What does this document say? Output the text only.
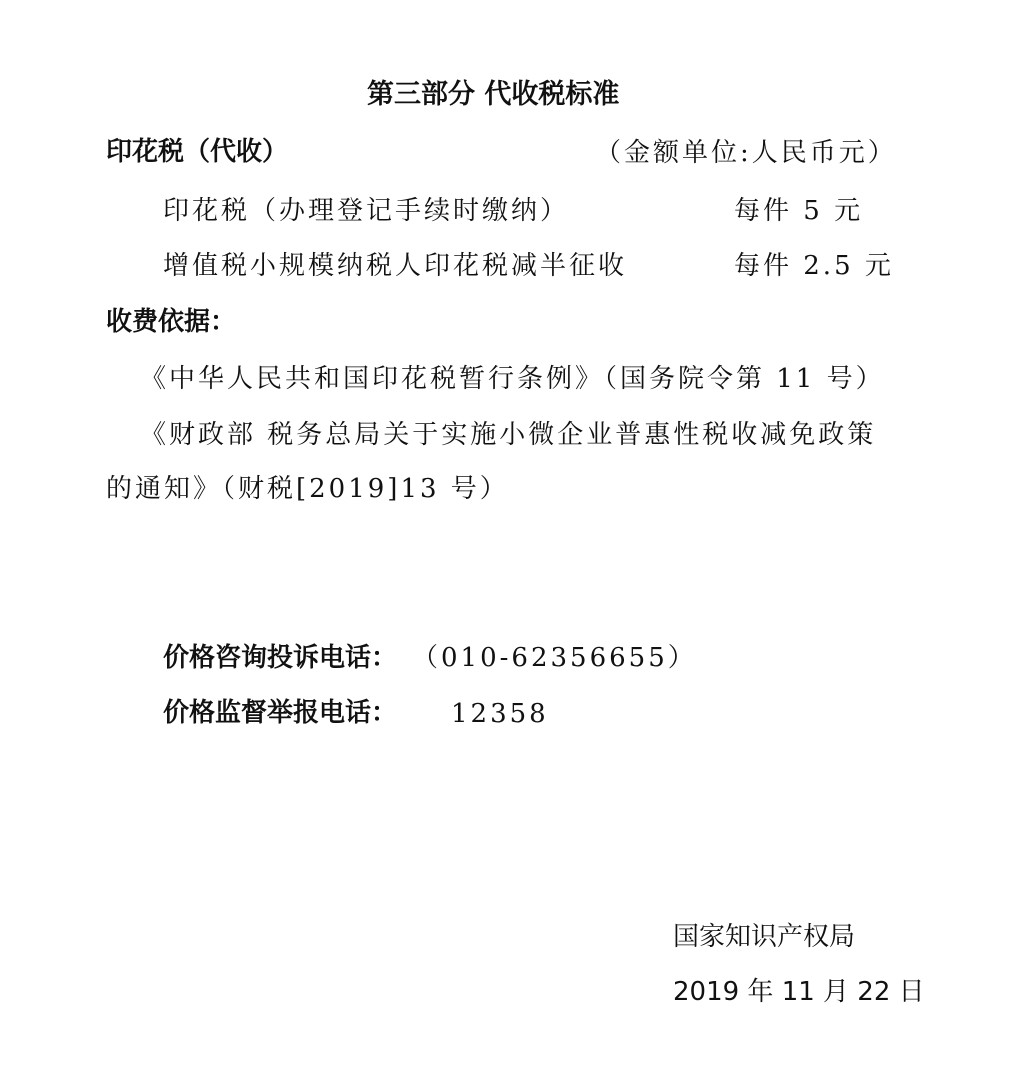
第三部分 代收税标准
印花税（代收）	（金额单位:人民币元）
印花税（办理登记手续时缴纳）	每件 5 元
增值税小规模纳税人印花税减半征收	每件 2.5 元
收费依据：
《中华人民共和国印花税暂行条例》（国务院令第 11 号）
《财政部 税务总局关于实施小微企业普惠性税收减免政策
的通知》（财税[2019]13 号）
价格咨询投诉电话： （010-62356655）
价格监督举报电话： 12358
国家知识产权局
2019 年 11 月 22 日
